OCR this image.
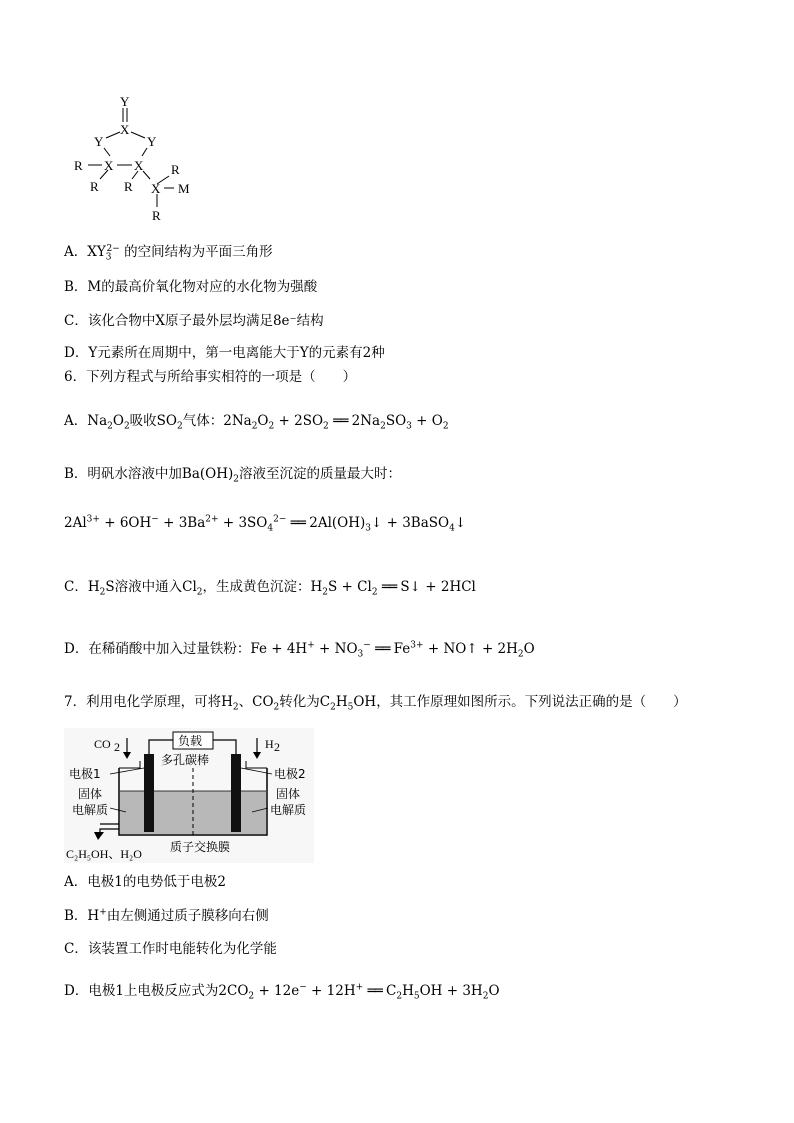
Y
X
Y	Y
R X X R
R R X M
R
A．$XY_3^{2-}$ 的空间结构为平面三角形
B．M的最高价氧化物对应的水化物为强酸
C．该化合物中X原子最外层均满足8e⁻结构
D．Y元素所在周期中，第一电离能大于Y的元素有2种
6．下列方程式与所给事实相符的一项是（　　）
A．$Na_2O_2$吸收$SO_2$气体：$2Na_2O_2 + 2SO_2$ ══ $2Na_2SO_3 + O_2$
B．明矾水溶液中加$Ba(OH)_2$溶液至沉淀的质量最大时：
$2Al^{3+} + 6OH^- + 3Ba^{2+} + 3SO_4^{2-}$ ══ $2Al(OH)_3↓$ + 3BaSO$_4$↓
C．$H_2S$溶液中通入$Cl_2$，生成黄色沉淀：$H_2S + Cl_2$ ══ S↓ + 2HCl
D．在稀硝酸中加入过量铁粉：$Fe + 4H^+ + NO_3^-$ ══ $Fe^{3+}$ + NO↑ + $2H_2O$
7．利用电化学原理，可将$H_2$、$CO_2$转化为$C_2H_5OH$，其工作原理如图所示。下列说法正确的是（　　）
负载
CO 2	H 2
多孔碳棒
电极1	电极2
固体
电解质
固体
电解质
质子交换膜
C₂H₅OH、H₂O
A．电极1的电势低于电极2
B．H+由左侧通过质子膜移向右侧
C．该装置工作时电能转化为化学能
D．电极1上电极反应式为$2CO_2 + 12e^- + 12H^+$ ══ $C_2H_5OH + 3H_2O$
